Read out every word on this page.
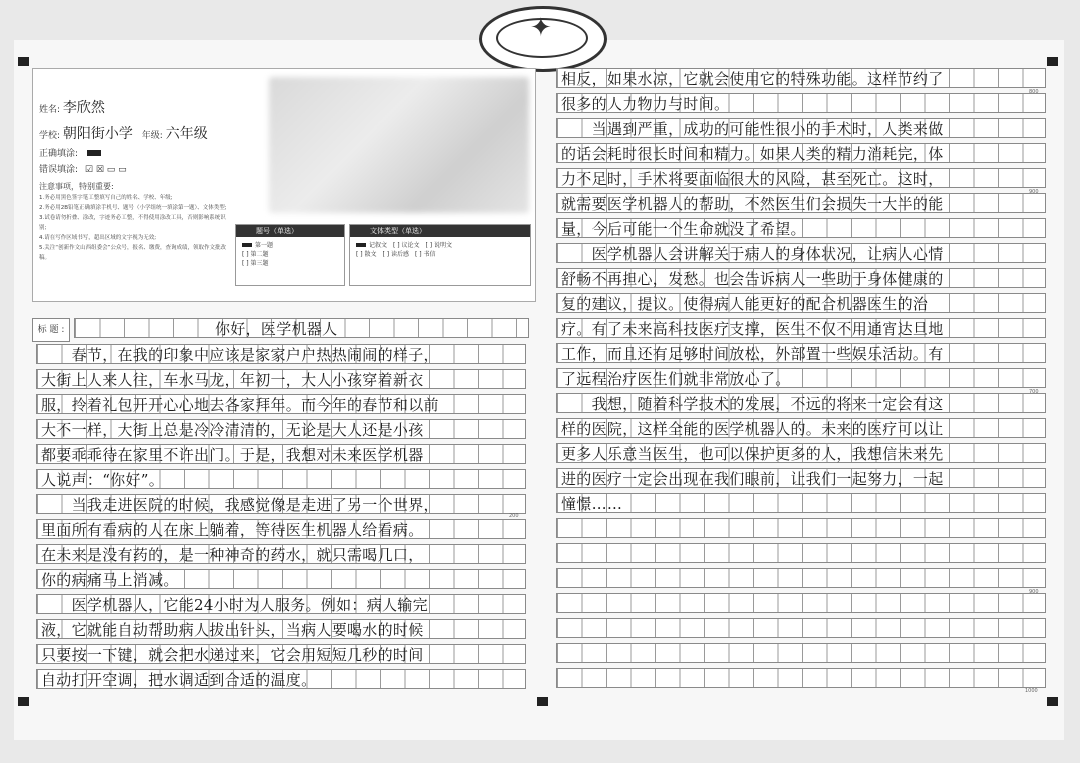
✦
姓名: 李欣然
学校: 朝阳街小学 年级: 六年级
正确填涂:
错误填涂: ☑ ☒ ▭ ▭
注意事项，特别重要:
1.务必用黑色签字笔工整填写自己的姓名、学校、年级;
2.务必用2B铅笔正确填涂手机号、题号（小学组统一填涂第一题）、文体类型;
3.试卷请勿折叠、涂改，字迹务必工整，不得使用涂改工具，否则影响系统识别;
4.请在写作区域书写，超出区域的文字视为无效;
5.关注“创新作文山西组委会”公众号，报名、缴费，查询成绩，领取作文批改稿。
题号（单选）
第一题
[ ] 第二题
[ ] 第三题
文体类型（单选）
记叙文　[ ] 议论文　[ ] 说明文
[ ] 散文　[ ] 读后感　[ ] 书信
标 题 :	你好，医学机器人
　　春节，在我的印象中应该是家家户户热热闹闹的样子，
大街上人来人往，车水马龙，年初一，大人小孩穿着新衣
服，拎着礼包开开心心地去各家拜年。而今年的春节和以前
大不一样，大街上总是冷冷清清的，无论是大人还是小孩
都要乖乖待在家里不许出门。于是，我想对未来医学机器
人说声：“你好”。
　　当我走进医院的时候，我感觉像是走进了另一个世界，
里面所有看病的人在床上躺着，等待医生机器人给看病。
在未来是没有药的，是一种神奇的药水，就只需喝几口，
你的病痛马上消减。
　　医学机器人，它能24小时为人服务。例如：病人输完
液，它就能自动帮助病人拔出针头，当病人要喝水的时候
只要按一下键，就会把水递过来，它会用短短几秒的时间
自动打开空调，把水调适到合适的温度。
相反，如果水凉，它就会使用它的特殊功能。这样节约了
很多的人力物力与时间。
　　当遇到严重，成功的可能性很小的手术时，人类来做
的话会耗时很长时间和精力。如果人类的精力消耗完，体
力不足时，手术将要面临很大的风险，甚至死亡。这时，
就需要医学机器人的帮助，不然医生们会损失一大半的能
量，今后可能一个生命就没了希望。
　　医学机器人会讲解关于病人的身体状况，让病人心情
舒畅不再担心，发愁。也会告诉病人一些助于身体健康的
复的建议，提议。使得病人能更好的配合机器医生的治
疗。有了未来高科技医疗支撑，医生不仅不用通宵达旦地
工作，而且还有足够时间放松，外部置一些娱乐活动。有
了远程治疗医生们就非常放心了。
　　我想，随着科学技术的发展，不远的将来一定会有这
样的医院，这样全能的医学机器人的。未来的医疗可以让
更多人乐意当医生，也可以保护更多的人，我想信未来先
进的医疗一定会出现在我们眼前，让我们一起努力，一起
憧憬……
800
900
200
700
900
1000
